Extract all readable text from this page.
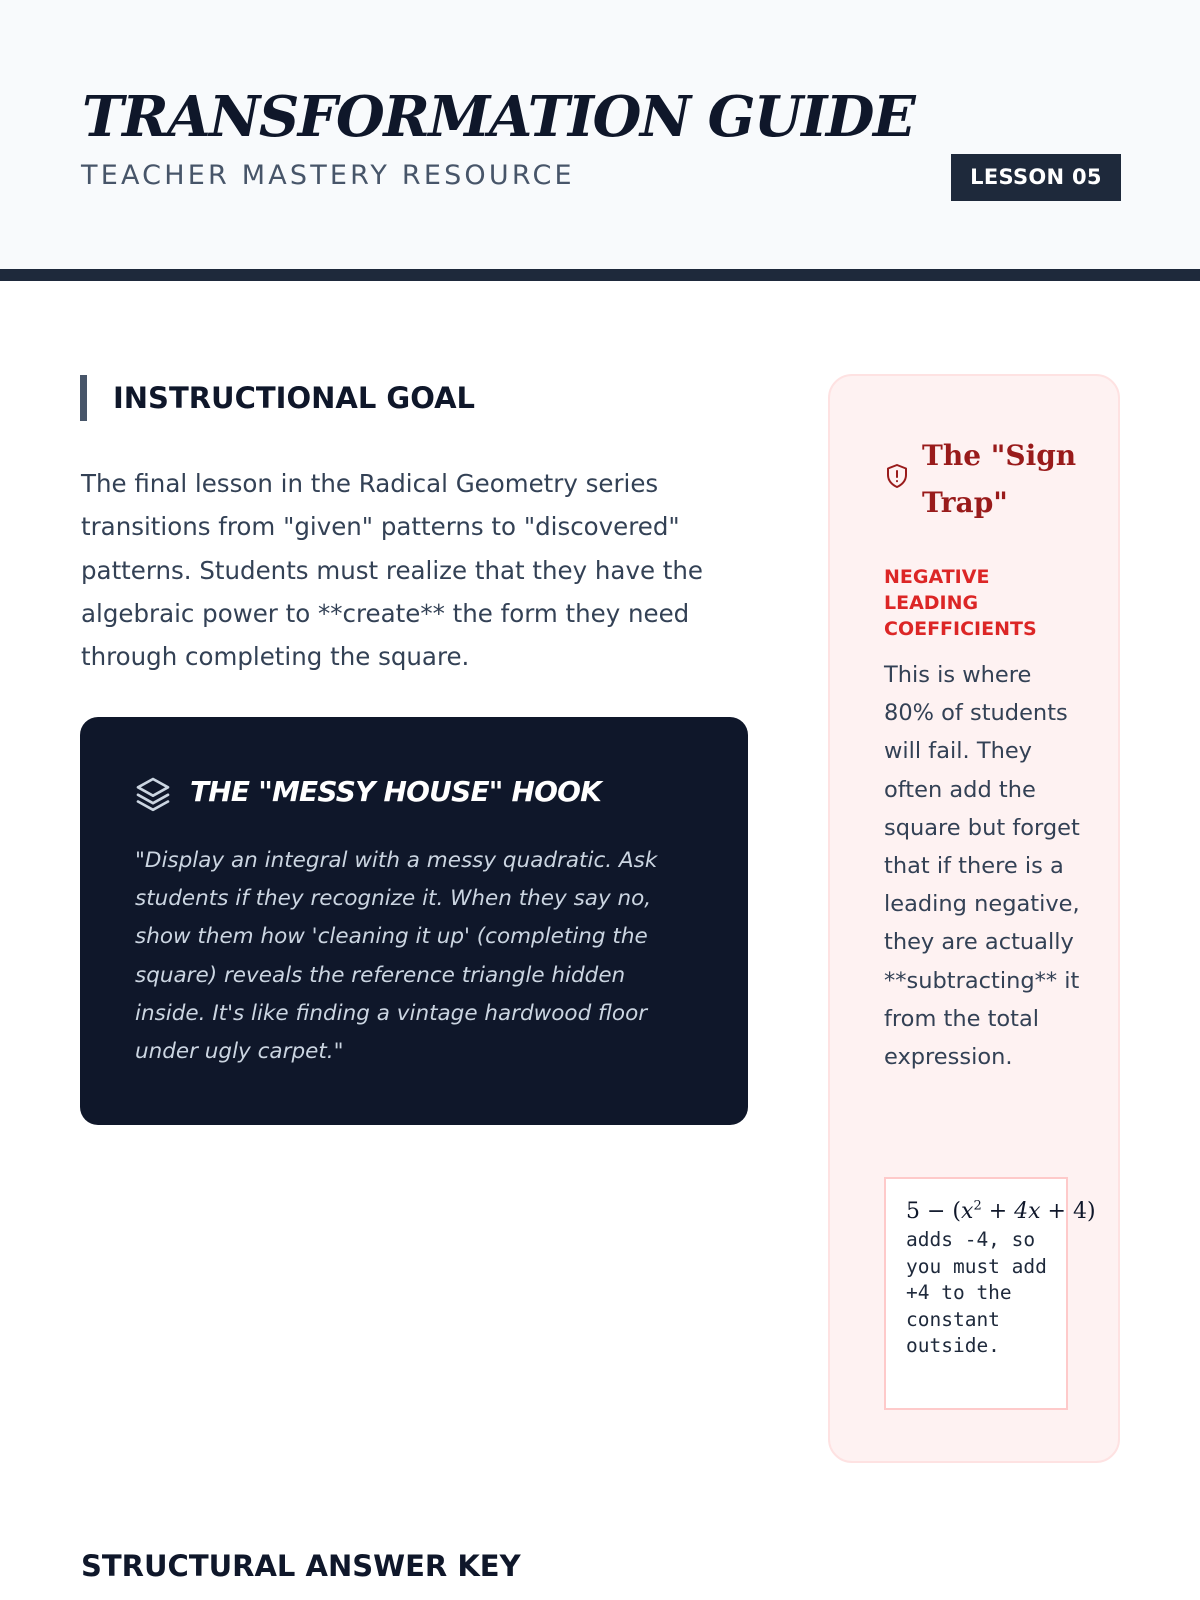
TRANSFORMATION GUIDE
TEACHER MASTERY RESOURCE	LESSON 05
INSTRUCTIONAL GOAL

The final lesson in the Radical Geometry series transitions from "given" patterns to "discovered" patterns. Students must realize that they have the algebraic power to **create** the form they need through completing the square.

THE "MESSY HOUSE" HOOK

"Display an integral with a messy quadratic. Ask students if they recognize it. When they say no, show them how 'cleaning it up' (completing the square) reveals the reference triangle hidden inside. It's like finding a vintage hardwood floor under ugly carpet."

The "Sign Trap"

NEGATIVE LEADING COEFFICIENTS

This is where 80% of students will fail. They often add the square but forget that if there is a leading negative, they are actually **subtracting** it from the total expression.

$5 - (x^2 + 4x + 4)$

adds -4, so you must add +4 to the constant outside.

STRUCTURAL ANSWER KEY
